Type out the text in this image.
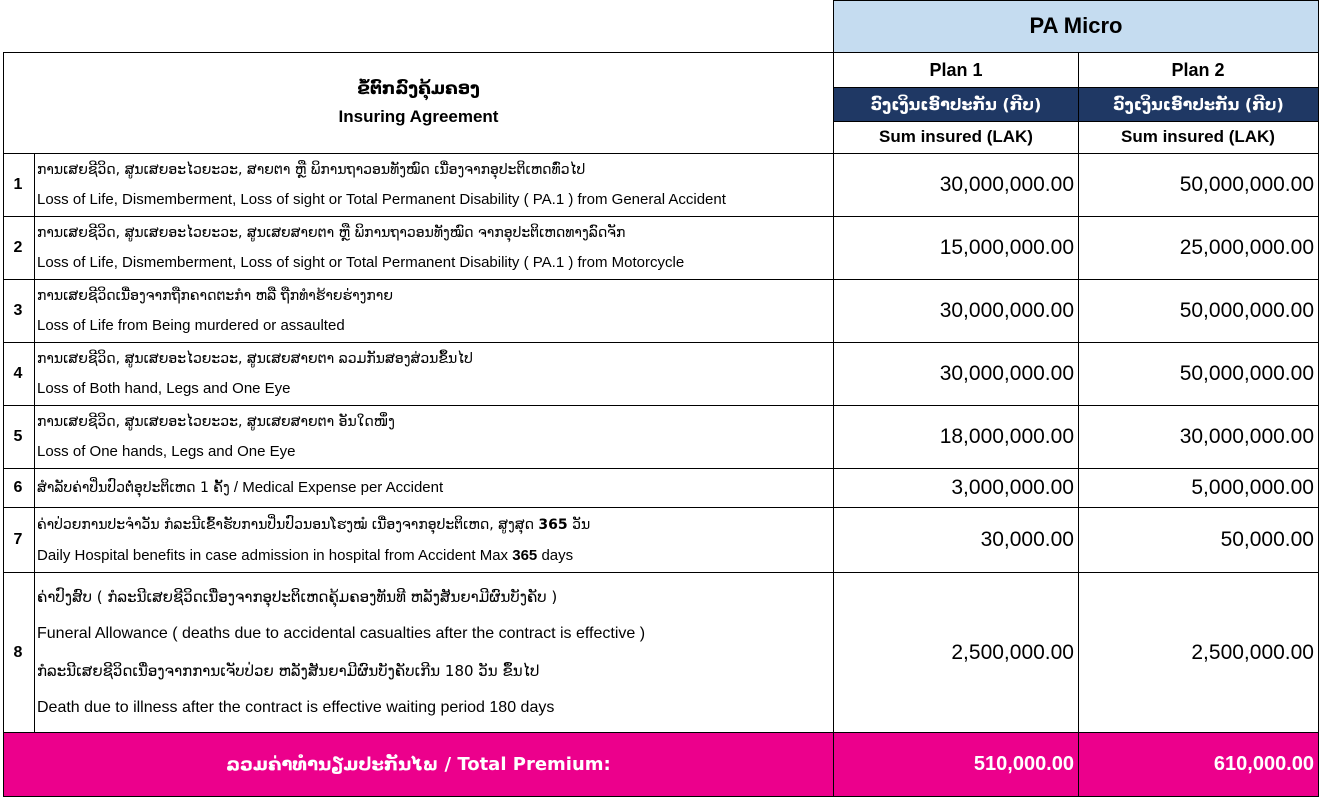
PA Micro
ຂໍ້ຕົກລົງຄຸ້ມຄອງ
Insuring Agreement
Plan 1	Plan 2
ວົງເງິນເອົາປະກັນ (ກີບ)	ວົງເງິນເອົາປະກັນ (ກີບ)
Sum insured (LAK)	Sum insured (LAK)
1
ການເສຍຊີວິດ, ສູນເສຍອະໄວຍະວະ, ສາຍຕາ ຫຼື ພິການຖາວອນທັງໝົດ ເນື່ອງຈາກອຸປະຕິເຫດທົ່ວໄປ
Loss of Life, Dismemberment, Loss of sight or Total Permanent Disability ( PA.1 ) from General Accident
30,000,000.00	50,000,000.00
2
ການເສຍຊີວິດ, ສູນເສຍອະໄວຍະວະ, ສູນເສຍສາຍຕາ ຫຼື ພິການຖາວອນທັງໝົດ ຈາກອຸປະຕິເຫດທາງລົດຈັກ
Loss of Life, Dismemberment, Loss of sight or Total Permanent Disability ( PA.1 ) from Motorcycle
15,000,000.00	25,000,000.00
3
ການເສຍຊີວິດເນື່ອງຈາກຖືກຄາດຕະກຳ ຫລື ຖືກທຳຮ້າຍຮ່າງກາຍ
Loss of Life from Being murdered or assaulted
30,000,000.00	50,000,000.00
4
ການເສຍຊີວິດ, ສູນເສຍອະໄວຍະວະ, ສູນເສຍສາຍຕາ ລວມກັນສອງສ່ວນຂຶ້ນໄປ
Loss of Both hand, Legs and One Eye
30,000,000.00	50,000,000.00
5
ການເສຍຊີວິດ, ສູນເສຍອະໄວຍະວະ, ສູນເສຍສາຍຕາ ອັນໃດໜຶ່ງ
Loss of One hands, Legs and One Eye
18,000,000.00	30,000,000.00
6	ສຳລັບຄ່າປິ່ນປົວຕໍ່ອຸປະຕິເຫດ 1 ຄັ້ງ / Medical Expense per Accident	3,000,000.00	5,000,000.00
7
ຄ່າປ່ວຍການປະຈຳວັນ ກໍລະນີເຂົ້າຮັບການປິ່ນປົວນອນໂຮງໝໍ ເນື່ອງຈາກອຸປະຕິເຫດ, ສູງສຸດ 365 ວັນ
Daily Hospital benefits in case admission in hospital from Accident Max 365 days
30,000.00	50,000.00
8
ຄ່າປົງສົບ ( ກໍລະນີເສຍຊີວິດເນື່ອງຈາກອຸປະຕິເຫດຄຸ້ມຄອງທັນທີ ຫລັງສັນຍາມີຜົນບັງຄັບ )
Funeral Allowance ( deaths due to accidental casualties after the contract is effective )
ກໍລະນີເສຍຊີວິດເນື່ອງຈາກການເຈັບປ່ວຍ ຫລັງສັນຍາມີຜົນບັງຄັບເກີນ 180 ວັນ ຂຶ້ນໄປ
Death due to illness after the contract is effective waiting period 180 days
2,500,000.00	2,500,000.00
ລວມຄ່າທຳນຽມປະກັນໄພ / Total Premium:	510,000.00	610,000.00
